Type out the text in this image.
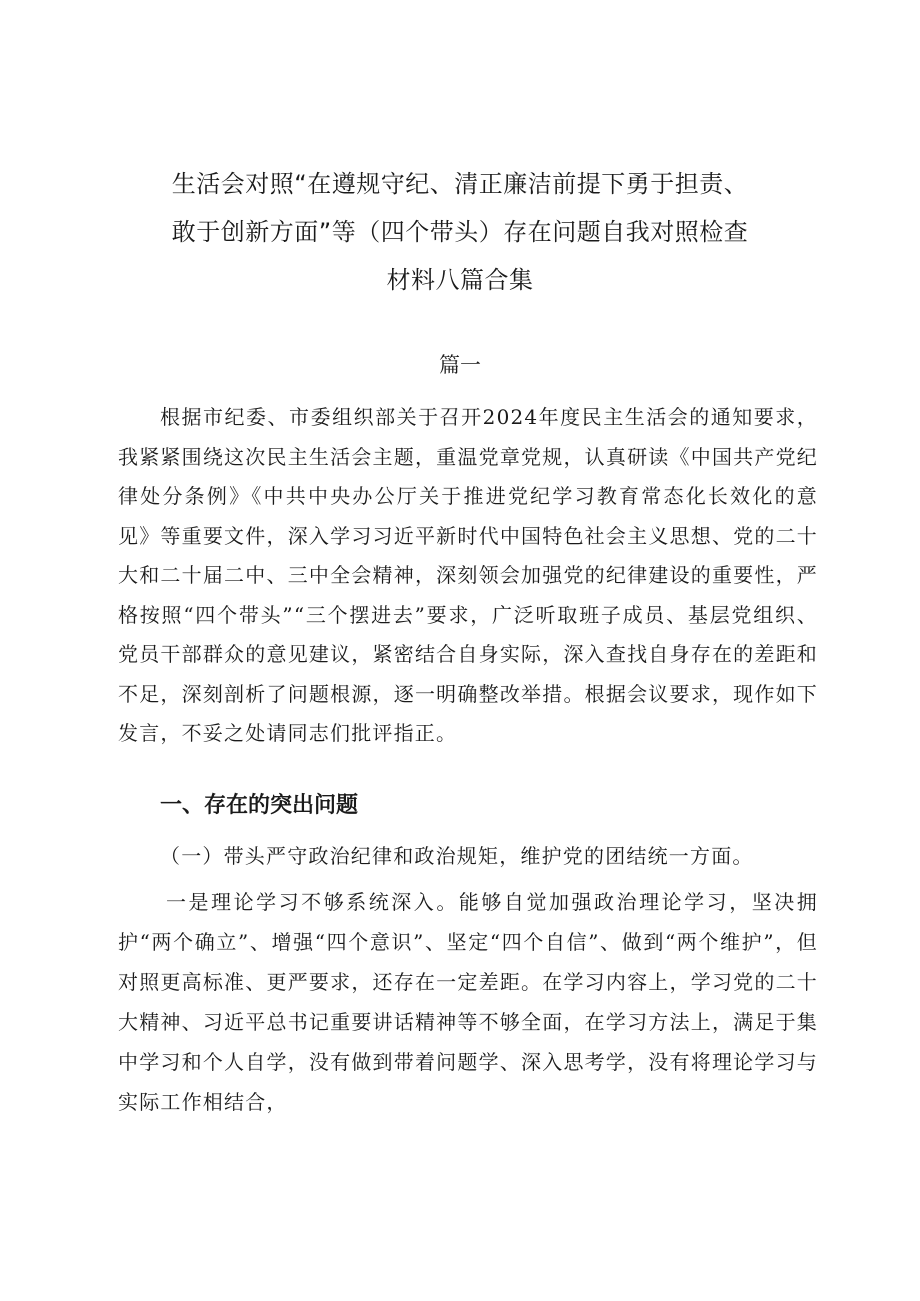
生活会对照“在遵规守纪、清正廉洁前提下勇于担责、
敢于创新方面”等（四个带头）存在问题自我对照检查
材料八篇合集
篇一

根据市纪委、市委组织部关于召开2024年度民主生活会的通知要求，我紧紧围绕这次民主生活会主题，重温党章党规，认真研读《中国共产党纪律处分条例》《中共中央办公厅关于推进党纪学习教育常态化长效化的意见》等重要文件，深入学习习近平新时代中国特色社会主义思想、党的二十大和二十届二中、三中全会精神，深刻领会加强党的纪律建设的重要性，严格按照“四个带头”“三个摆进去”要求，广泛听取班子成员、基层党组织、党员干部群众的意见建议，紧密结合自身实际，深入查找自身存在的差距和不足，深刻剖析了问题根源，逐一明确整改举措。根据会议要求，现作如下发言，不妥之处请同志们批评指正。

一、存在的突出问题

（一）带头严守政治纪律和政治规矩，维护党的团结统一方面。

一是理论学习不够系统深入。能够自觉加强政治理论学习，坚决拥护“两个确立”、增强“四个意识”、坚定“四个自信”、做到“两个维护”，但对照更高标准、更严要求，还存在一定差距。在学习内容上，学习党的二十大精神、习近平总书记重要讲话精神等不够全面，在学习方法上，满足于集中学习和个人自学，没有做到带着问题学、深入思考学，没有将理论学习与实际工作相结合，
